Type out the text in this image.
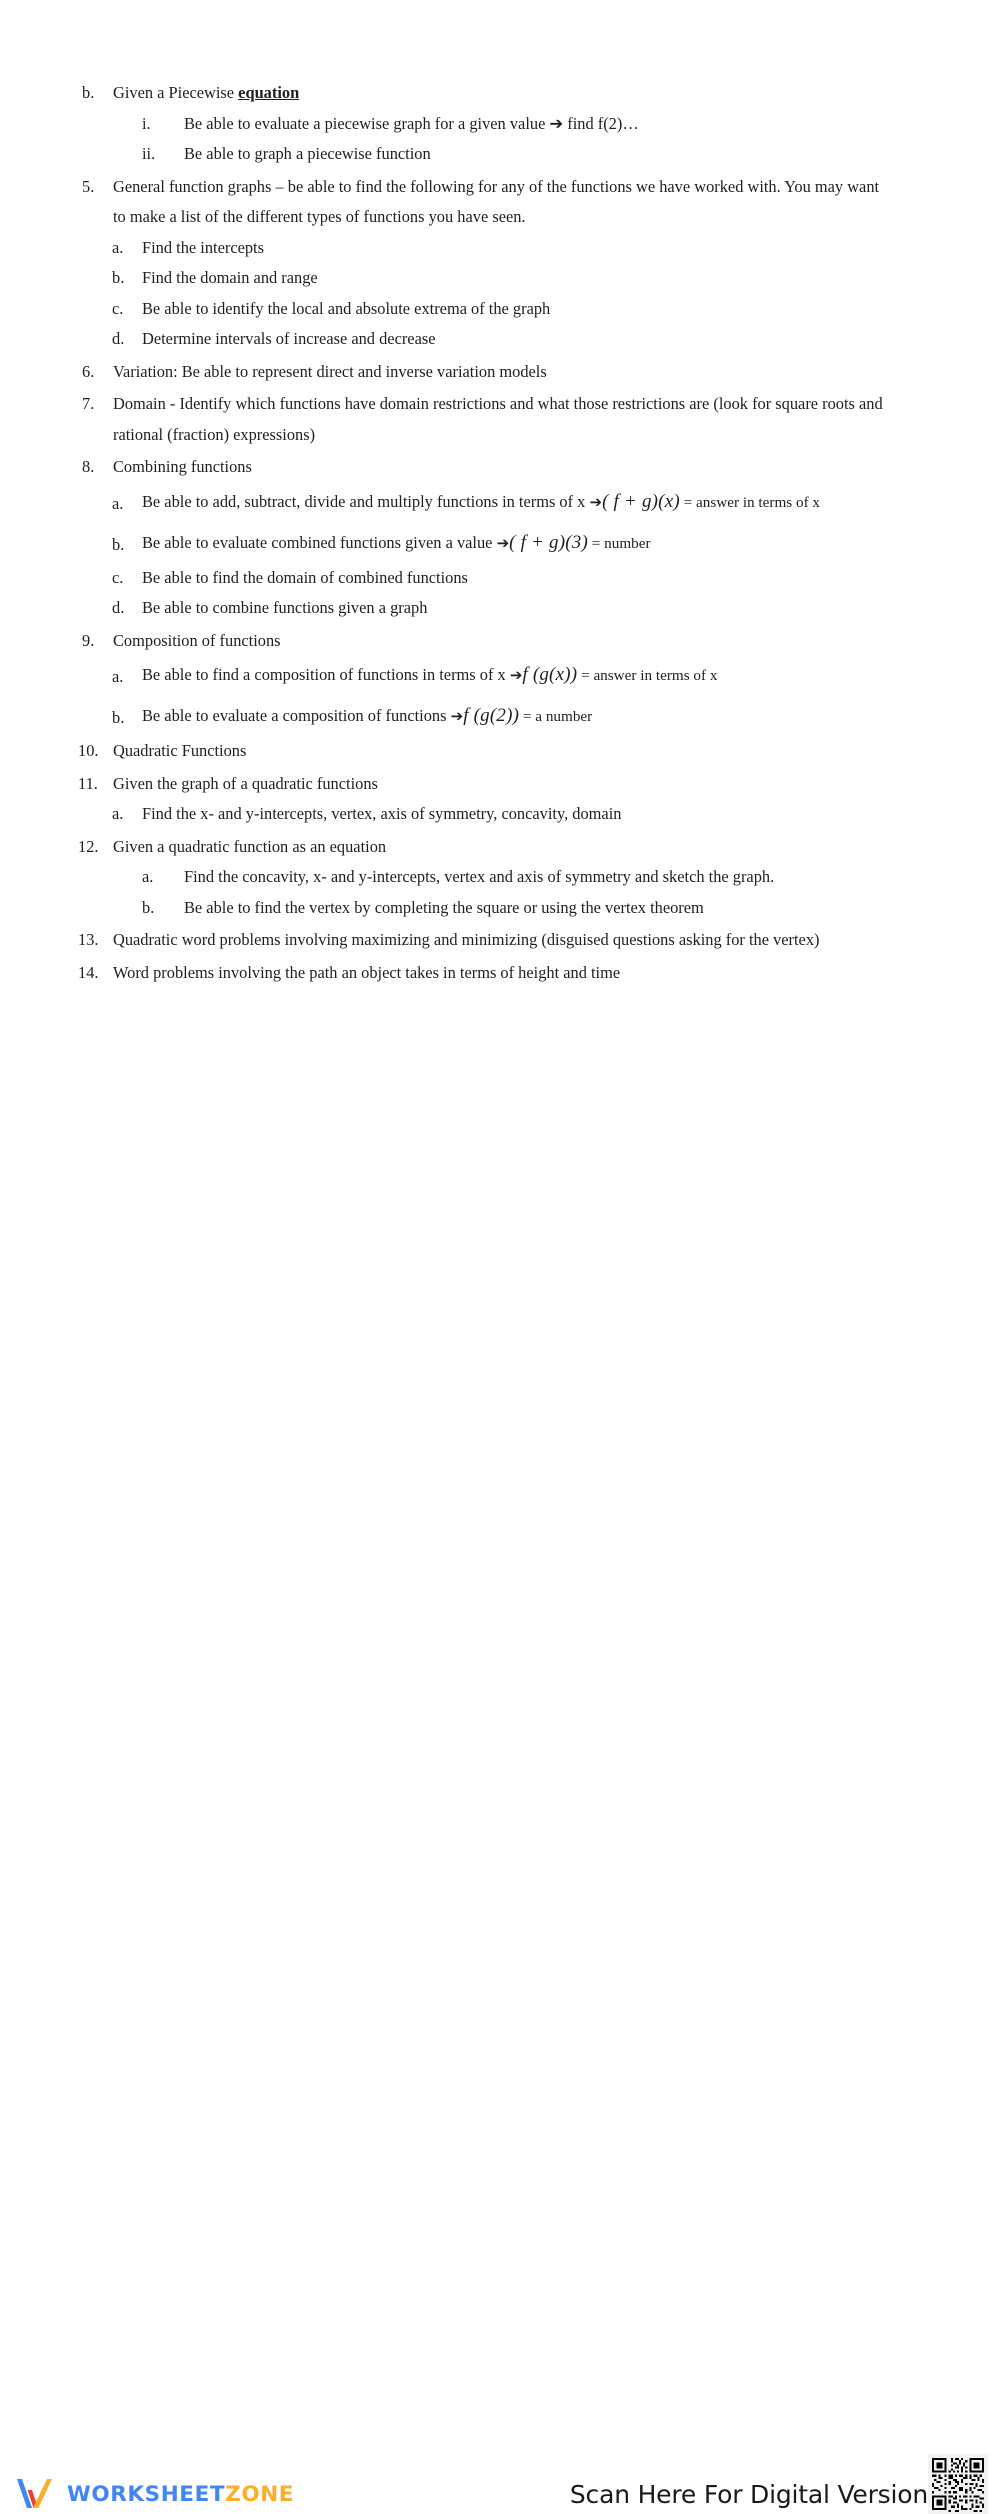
b. Given a Piecewise equation
i. Be able to evaluate a piecewise graph for a given value ➔ find f(2)…
ii. Be able to graph a piecewise function
5. General function graphs – be able to find the following for any of the functions we have worked with. You may want to make a list of the different types of functions you have seen.
a. Find the intercepts
b. Find the domain and range
c. Be able to identify the local and absolute extrema of the graph
d. Determine intervals of increase and decrease
6. Variation: Be able to represent direct and inverse variation models
7. Domain - Identify which functions have domain restrictions and what those restrictions are (look for square roots and rational (fraction) expressions)
8. Combining functions
a. Be able to add, subtract, divide and multiply functions in terms of x ➔( f + g)(x) = answer in terms of x
b. Be able to evaluate combined functions given a value ➔( f + g)(3) = number
c. Be able to find the domain of combined functions
d. Be able to combine functions given a graph
9. Composition of functions
a. Be able to find a composition of functions in terms of x ➔f (g(x)) = answer in terms of x
b. Be able to evaluate a composition of functions ➔f (g(2)) = a number
10. Quadratic Functions
11. Given the graph of a quadratic functions
a. Find the x- and y-intercepts, vertex, axis of symmetry, concavity, domain
12. Given a quadratic function as an equation
a. Find the concavity, x- and y-intercepts, vertex and axis of symmetry and sketch the graph.
b. Be able to find the vertex by completing the square or using the vertex theorem
13. Quadratic word problems involving maximizing and minimizing (disguised questions asking for the vertex)
14. Word problems involving the path an object takes in terms of height and time
WORKSHEETZONE	Scan Here For Digital Version
